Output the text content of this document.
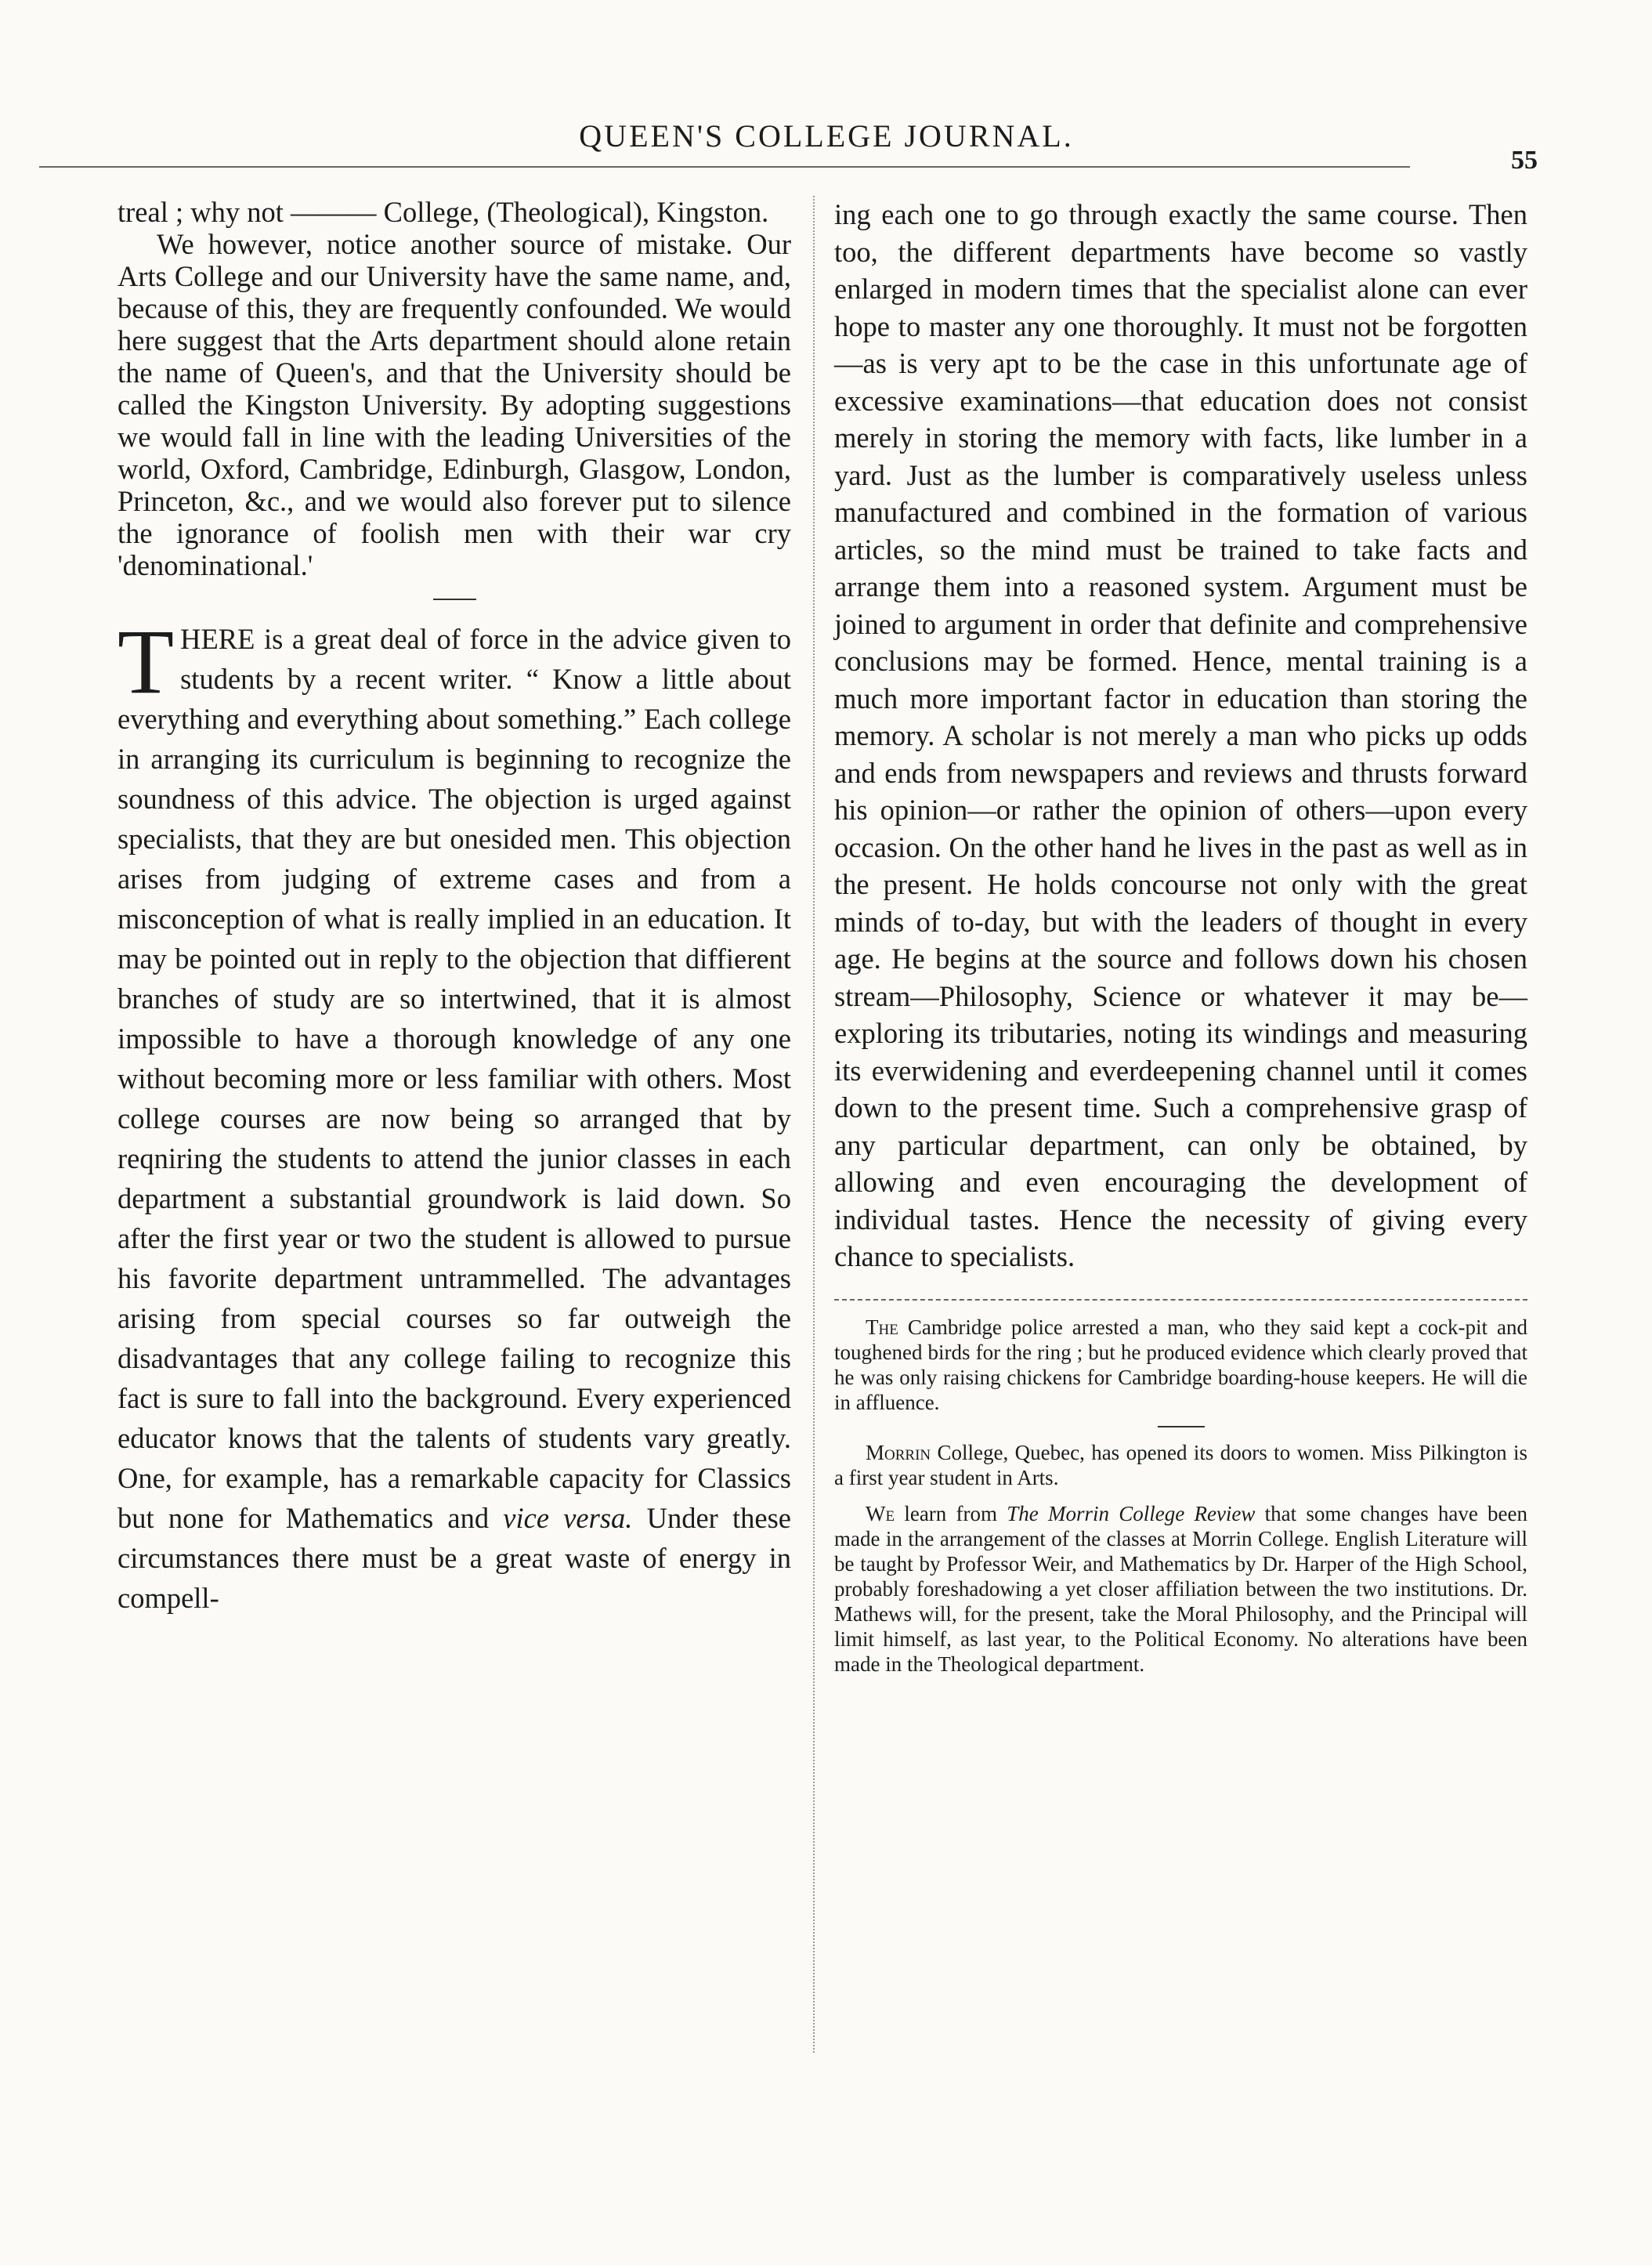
QUEEN'S COLLEGE JOURNAL.
55

treal ; why not ——— College, (Theological), Kingston.

We however, notice another source of mistake. Our Arts College and our University have the same name, and, because of this, they are frequently confounded. We would here suggest that the Arts department should alone retain the name of Queen's, and that the University should be called the Kingston University. By adopting suggestions we would fall in line with the leading Universities of the world, Oxford, Cambridge, Edinburgh, Glasgow, London, Princeton, &c., and we would also forever put to silence the ignorance of foolish men with their war cry 'denominational.'

THERE is a great deal of force in the advice given to students by a recent writer. “ Know a little about everything and everything about something.” Each college in arranging its curriculum is beginning to recognize the soundness of this advice. The objection is urged against specialists, that they are but onesided men. This objection arises from judging of extreme cases and from a misconception of what is really implied in an education. It may be pointed out in reply to the objection that diffierent branches of study are so intertwined, that it is almost impossible to have a thorough knowledge of any one without becoming more or less familiar with others. Most college courses are now being so arranged that by reqniring the students to attend the junior classes in each department a substantial groundwork is laid down. So after the first year or two the student is allowed to pursue his favorite department untrammelled. The advantages arising from special courses so far outweigh the disadvantages that any college failing to recognize this fact is sure to fall into the background. Every experienced educator knows that the talents of students vary greatly. One, for example, has a remarkable capacity for Classics but none for Mathematics and vice versa. Under these circumstances there must be a great waste of energy in compell-

ing each one to go through exactly the same course. Then too, the different departments have become so vastly enlarged in modern times that the specialist alone can ever hope to master any one thoroughly. It must not be forgotten—as is very apt to be the case in this unfortunate age of excessive examinations—that education does not consist merely in storing the memory with facts, like lumber in a yard. Just as the lumber is comparatively useless unless manufactured and combined in the formation of various articles, so the mind must be trained to take facts and arrange them into a reasoned system. Argument must be joined to argument in order that definite and comprehensive conclusions may be formed. Hence, mental training is a much more important factor in education than storing the memory. A scholar is not merely a man who picks up odds and ends from newspapers and reviews and thrusts forward his opinion—or rather the opinion of others—upon every occasion. On the other hand he lives in the past as well as in the present. He holds concourse not only with the great minds of to-day, but with the leaders of thought in every age. He begins at the source and follows down his chosen stream—Philosophy, Science or whatever it may be—exploring its tributaries, noting its windings and measuring its everwidening and everdeepening channel until it comes down to the present time. Such a comprehensive grasp of any particular department, can only be obtained, by allowing and even encouraging the development of individual tastes. Hence the necessity of giving every chance to specialists.

The Cambridge police arrested a man, who they said kept a cock-pit and toughened birds for the ring ; but he produced evidence which clearly proved that he was only raising chickens for Cambridge boarding-house keepers. He will die in affluence.

Morrin College, Quebec, has opened its doors to women. Miss Pilkington is a first year student in Arts.

We learn from The Morrin College Review that some changes have been made in the arrangement of the classes at Morrin College. English Literature will be taught by Professor Weir, and Mathematics by Dr. Harper of the High School, probably foreshadowing a yet closer affiliation between the two institutions. Dr. Mathews will, for the present, take the Moral Philosophy, and the Principal will limit himself, as last year, to the Political Economy. No alterations have been made in the Theological department.
